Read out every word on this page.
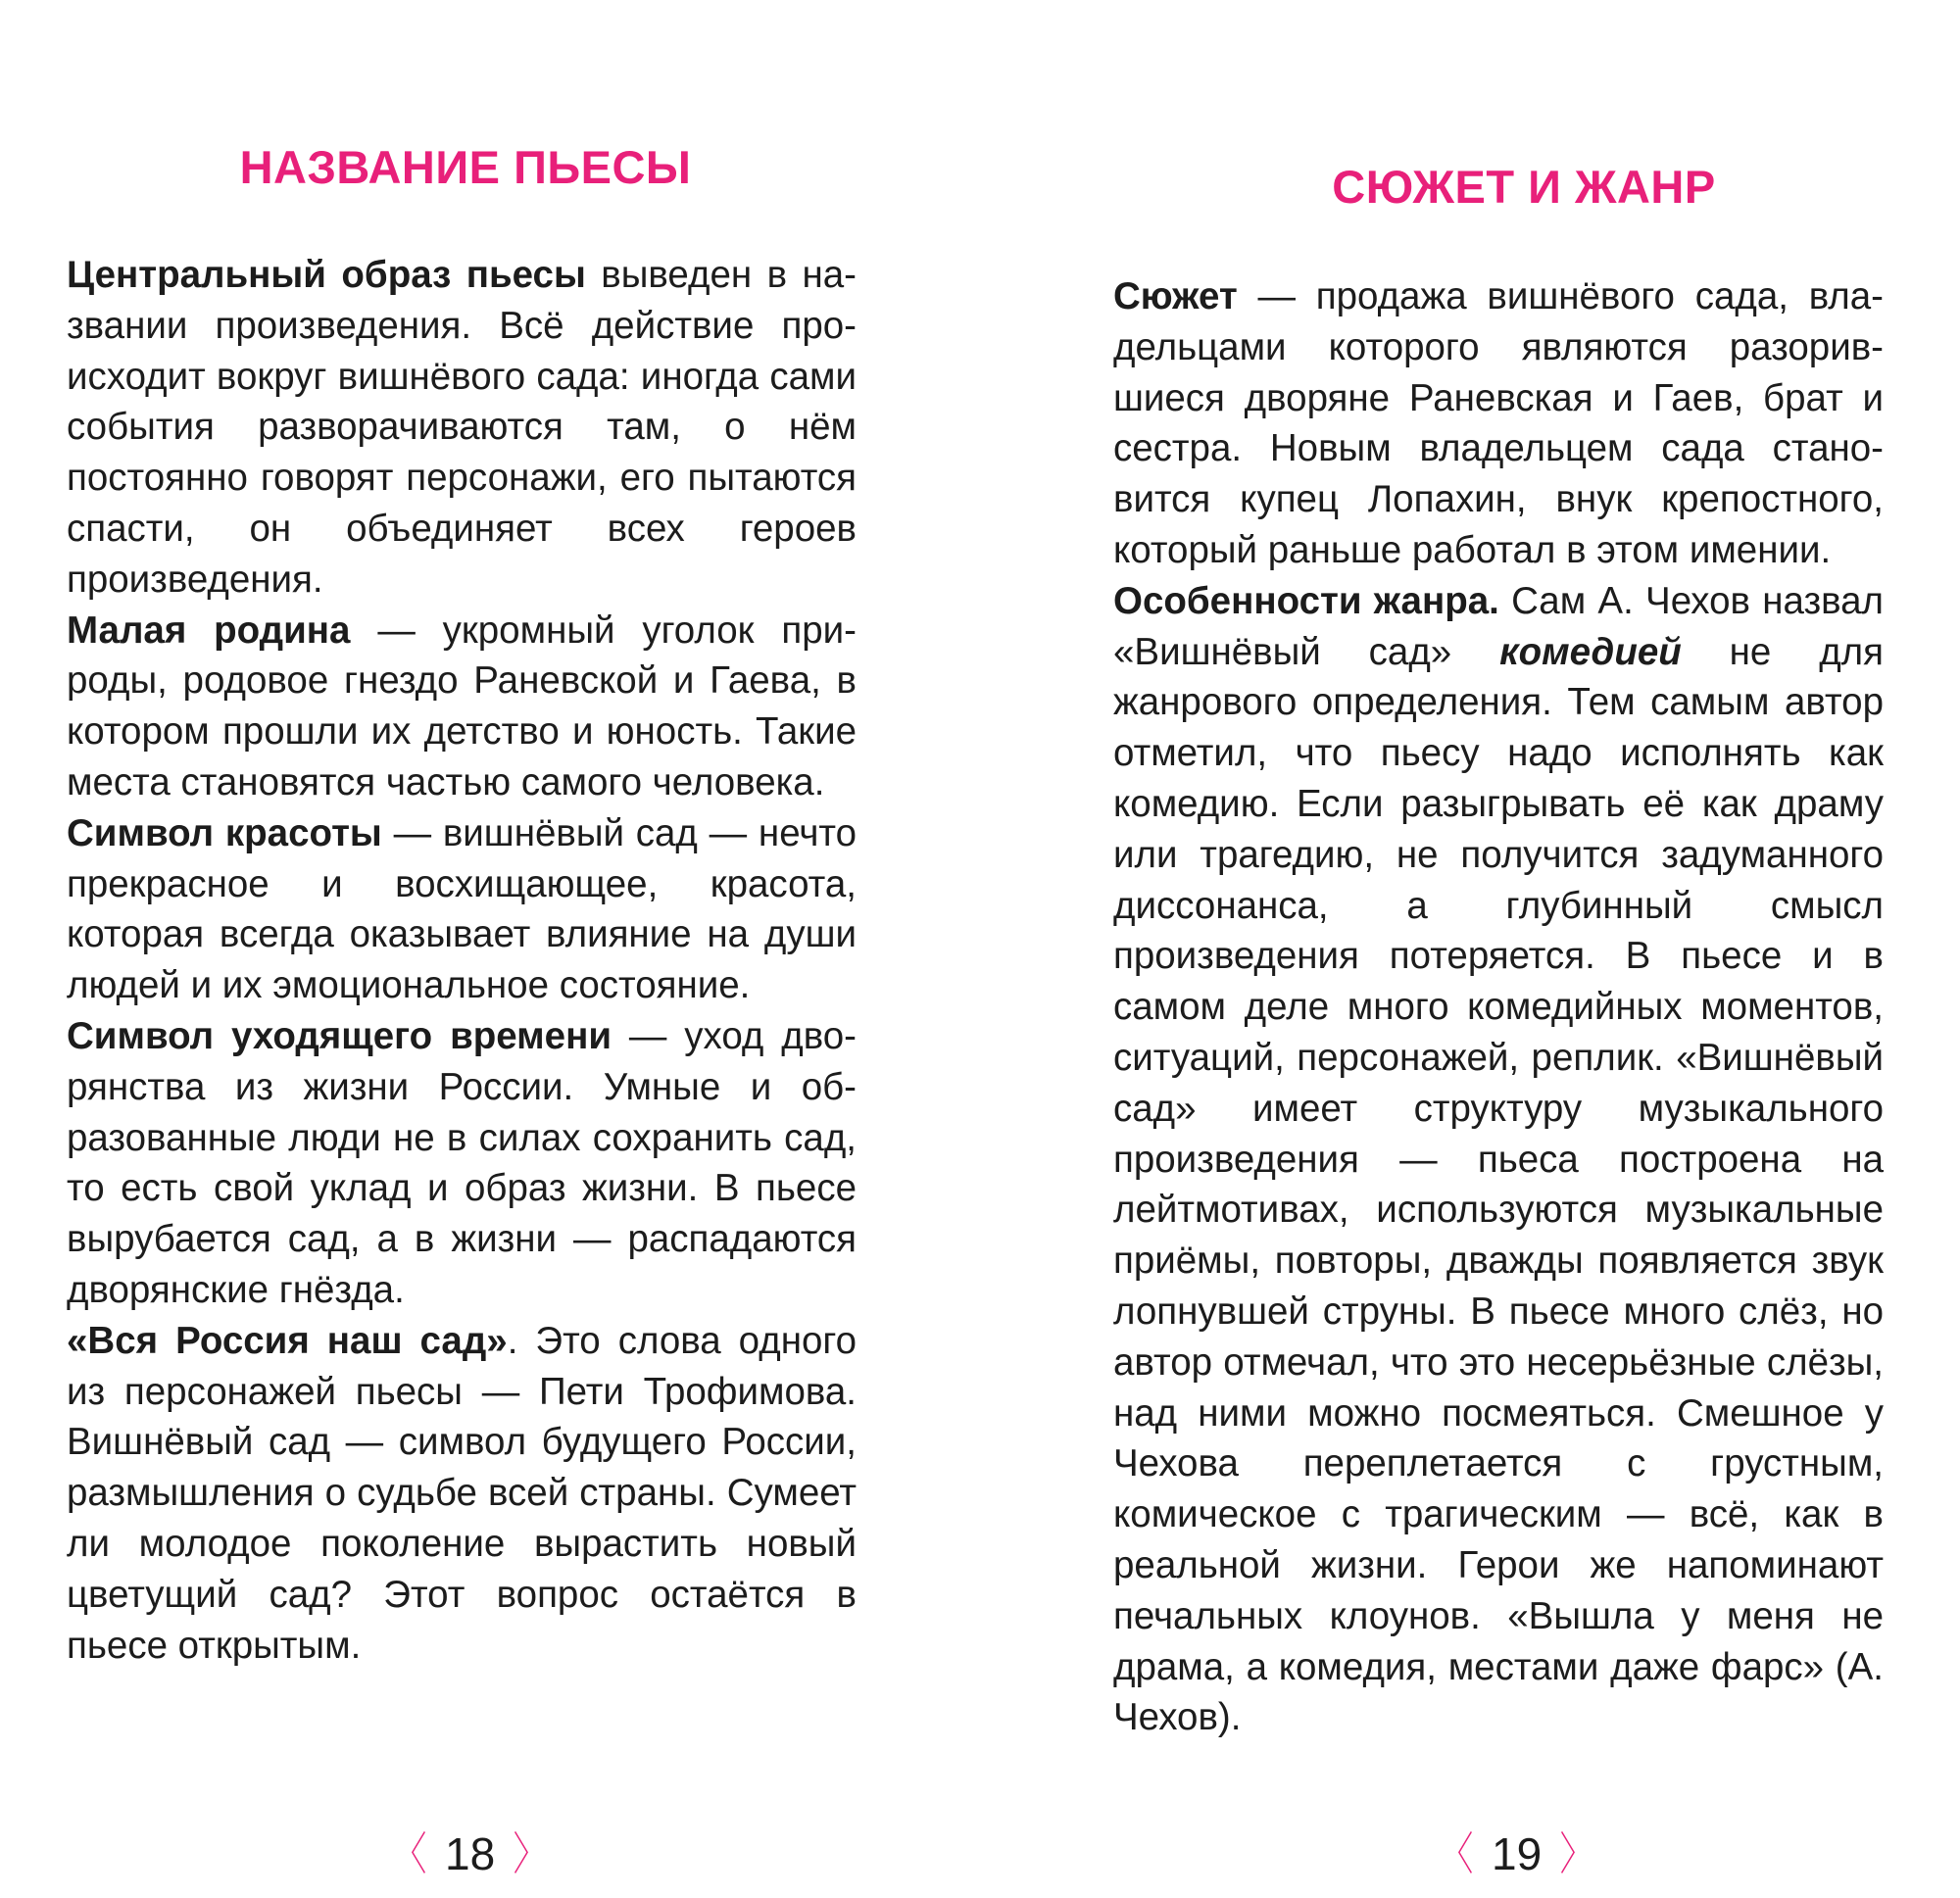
НАЗВАНИЕ ПЬЕСЫ

Центральный образ пьесы выведен в названии произведения. Всё действие происходит вокруг вишнёвого сада: иногда сами события разворачиваются там, о нём постоянно говорят персонажи, его пытаются спасти, он объединяет всех героев произведения.

Малая родина — укромный уголок природы, родовое гнездо Раневской и Гаева, в котором прошли их детство и юность. Такие места становятся частью самого человека.

Символ красоты — вишнёвый сад — нечто прекрасное и восхищающее, красота, которая всегда оказывает влияние на души людей и их эмоциональное состояние.

Символ уходящего времени — уход дворянства из жизни России. Умные и образованные люди не в силах сохранить сад, то есть свой уклад и образ жизни. В пьесе вырубается сад, а в жизни — распадаются дворянские гнёзда.

«Вся Россия наш сад». Это слова одного из персонажей пьесы — Пети Трофимова. Вишнёвый сад — символ будущего России, размышления о судьбе всей страны. Сумеет ли молодое поколение вырастить новый цветущий сад? Этот вопрос остаётся в пьесе открытым.

〈 18 〉
СЮЖЕТ И ЖАНР

Сюжет — продажа вишнёвого сада, владельцами которого являются разорившиеся дворяне Раневская и Гаев, брат и сестра. Новым владельцем сада становится купец Лопахин, внук крепостного, который раньше работал в этом имении.

Особенности жанра. Сам А. Чехов назвал «Вишнёвый сад» комедией не для жанрового определения. Тем самым автор отметил, что пьесу надо исполнять как комедию. Если разыгрывать её как драму или трагедию, не получится задуманного диссонанса, а глубинный смысл произведения потеряется. В пьесе и в самом деле много комедийных моментов, ситуаций, персонажей, реплик. «Вишнёвый сад» имеет структуру музыкального произведения — пьеса построена на лейтмотивах, используются музыкальные приёмы, повторы, дважды появляется звук лопнувшей струны. В пьесе много слёз, но автор отмечал, что это несерьёзные слёзы, над ними можно посмеяться. Смешное у Чехова переплетается с грустным, комическое с трагическим — всё, как в реальной жизни. Герои же напоминают печальных клоунов. «Вышла у меня не драма, а комедия, местами даже фарс» (А. Чехов).

〈 19 〉
